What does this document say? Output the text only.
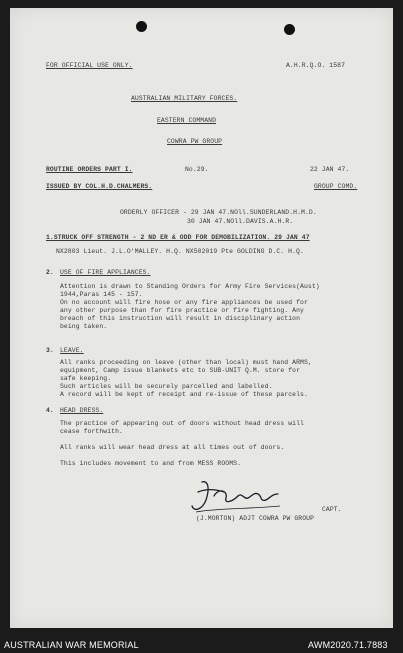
FOR OFFICIAL USE ONLY.	A.H.R.Q.O. 1587
AUSTRALIAN MILITARY FORCES.
EASTERN COMMAND
COWRA PW GROUP
ROUTINE ORDERS PART I.	No.29.	22 JAN 47.
ISSUED BY COL.H.D.CHALMERS.	GROUP COMD.
ORDERLY OFFICER - 29 JAN 47.NOll.SUNDERLAND.H.M.D.
30 JAN 47.NOll.DAVIS.A.H.R.
1.STRUCK OFF STRENGTH - 2 ND ER & ODD FOR DEMOBILIZATION. 29 JAN 47
NX2803 Lieut. J.L.O'MALLEY. H.Q. NX502019 Pte GOLDING D.C. H.Q.
2. USE OF FIRE APPLIANCES.
Attention is drawn to Standing Orders for Army Fire Services(Aust)
1944,Paras 145 - 157.
On no account will fire hose or any fire appliances be used for
any other purpose than for fire practice or fire fighting. Any
breach of this instruction will result in disciplinary action
being taken.
3. LEAVE.
All ranks proceeding on leave (other than local) must hand ARMS,
equipment, Camp issue blankets etc to SUB-UNIT Q.M. store for
safe keeping.
Such articles will be securely parcelled and labelled.
A record will be kept of receipt and re-issue of these parcels.
4. HEAD DRESS.
The practice of appearing out of doors without head dress will
cease forthwith.
All ranks will wear head dress at all times out of doors.
This includes movement to and from MESS ROOMS.
CAPT.
(J.MORTON) ADJT COWRA PW GROUP
AUSTRALIAN WAR MEMORIAL	AWM2020.71.7883
